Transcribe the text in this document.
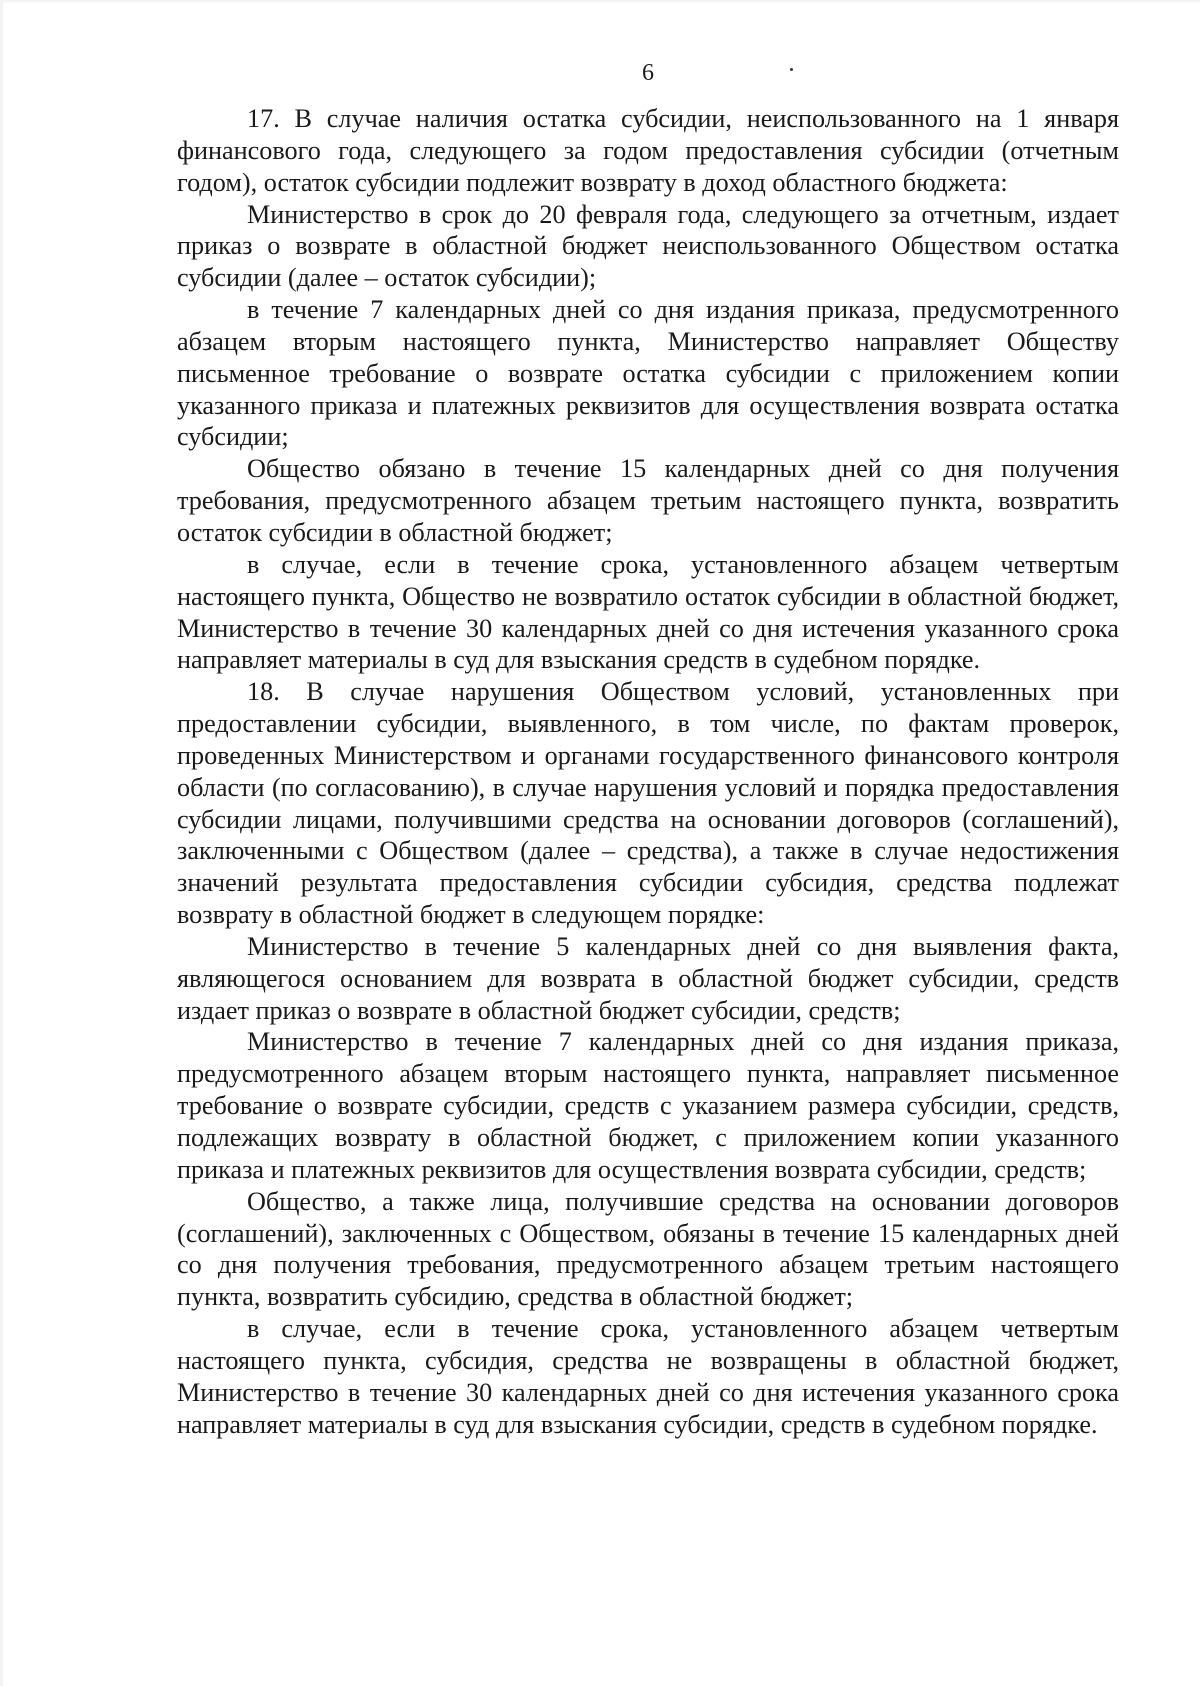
6

17. В случае наличия остатка субсидии, неиспользованного на 1 января финансового года, следующего за годом предоставления субсидии (отчетным годом), остаток субсидии подлежит возврату в доход областного бюджета:

Министерство в срок до 20 февраля года, следующего за отчетным, издает приказ о возврате в областной бюджет неиспользованного Обществом остатка субсидии (далее – остаток субсидии);

в течение 7 календарных дней со дня издания приказа, предусмотренного абзацем вторым настоящего пункта, Министерство направляет Обществу письменное требование о возврате остатка субсидии с приложением копии указанного приказа и платежных реквизитов для осуществления возврата остатка субсидии;

Общество обязано в течение 15 календарных дней со дня получения требования, предусмотренного абзацем третьим настоящего пункта, возвратить остаток субсидии в областной бюджет;

в случае, если в течение срока, установленного абзацем четвертым настоящего пункта, Общество не возвратило остаток субсидии в областной бюджет, Министерство в течение 30 календарных дней со дня истечения указанного срока направляет материалы в суд для взыскания средств в судебном порядке.

18. В случае нарушения Обществом условий, установленных при предоставлении субсидии, выявленного, в том числе, по фактам проверок, проведенных Министерством и органами государственного финансового контроля области (по согласованию), в случае нарушения условий и порядка предоставления субсидии лицами, получившими средства на основании договоров (соглашений), заключенными с Обществом (далее – средства), а также в случае недостижения значений результата предоставления субсидии субсидия, средства подлежат возврату в областной бюджет в следующем порядке:

Министерство в течение 5 календарных дней со дня выявления факта, являющегося основанием для возврата в областной бюджет субсидии, средств издает приказ о возврате в областной бюджет субсидии, средств;

Министерство в течение 7 календарных дней со дня издания приказа, предусмотренного абзацем вторым настоящего пункта, направляет письменное требование о возврате субсидии, средств с указанием размера субсидии, средств, подлежащих возврату в областной бюджет, с приложением копии указанного приказа и платежных реквизитов для осуществления возврата субсидии, средств;

Общество, а также лица, получившие средства на основании договоров (соглашений), заключенных с Обществом, обязаны в течение 15 календарных дней со дня получения требования, предусмотренного абзацем третьим настоящего пункта, возвратить субсидию, средства в областной бюджет;

в случае, если в течение срока, установленного абзацем четвертым настоящего пункта, субсидия, средства не возвращены в областной бюджет, Министерство в течение 30 календарных дней со дня истечения указанного срока направляет материалы в суд для взыскания субсидии, средств в судебном порядке.
